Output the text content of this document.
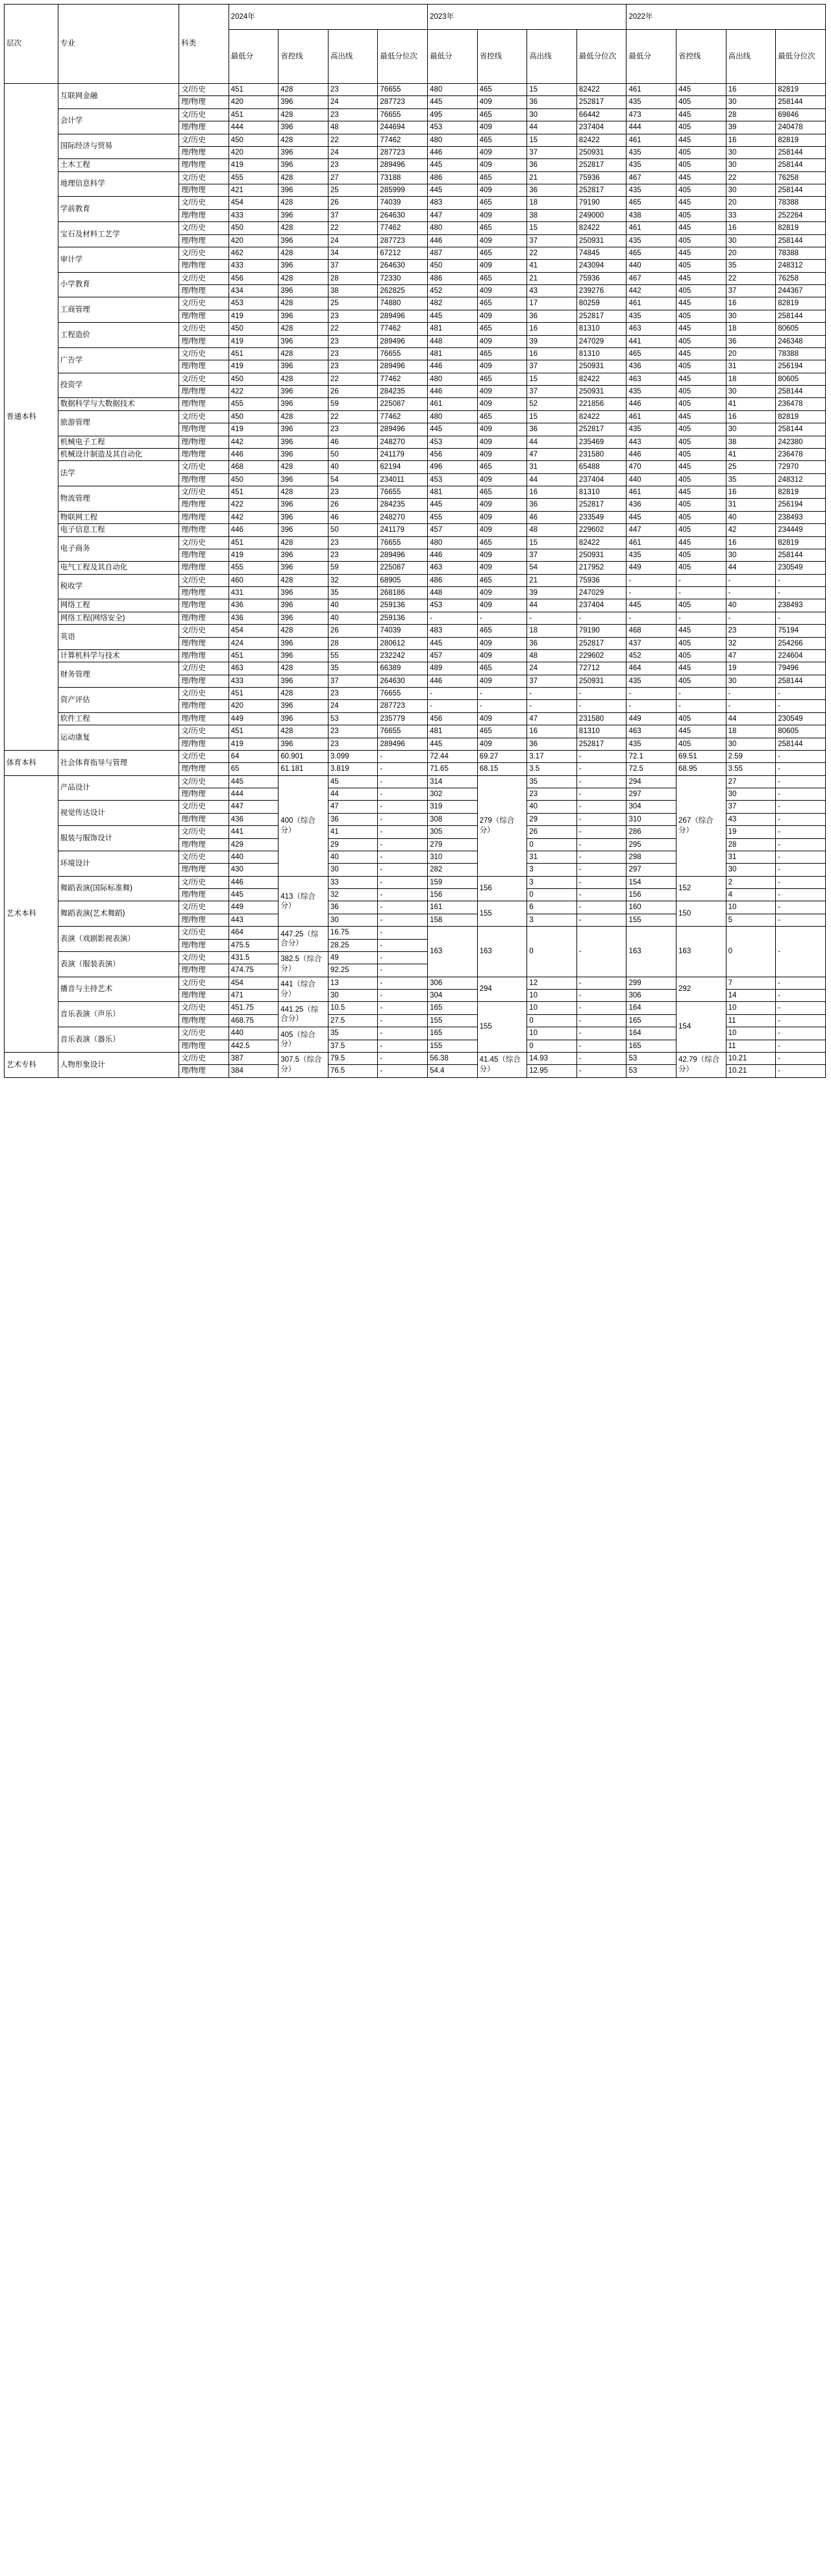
层次	专业	科类	2024年				2023年				2022年			
			最低分	省控线	高出线	最低分位次	最低分	省控线	高出线	最低分位次	最低分	省控线	高出线	最低分位次
普通本科	互联网金融	文/历史	451	428	23	76655	480	465	15	82422	461	445	16	82819
		理/物理	420	396	24	287723	445	409	36	252817	435	405	30	258144
	会计学	文/历史	451	428	23	76655	495	465	30	66442	473	445	28	69846
		理/物理	444	396	48	244694	453	409	44	237404	444	405	39	240478
	国际经济与贸易	文/历史	450	428	22	77462	480	465	15	82422	461	445	16	82819
		理/物理	420	396	24	287723	446	409	37	250931	435	405	30	258144
	土木工程	理/物理	419	396	23	289496	445	409	36	252817	435	405	30	258144
	地理信息科学	文/历史	455	428	27	73188	486	465	21	75936	467	445	22	76258
		理/物理	421	396	25	285999	445	409	36	252817	435	405	30	258144
	学前教育	文/历史	454	428	26	74039	483	465	18	79190	465	445	20	78388
		理/物理	433	396	37	264630	447	409	38	249000	438	405	33	252264
	宝石及材料工艺学	文/历史	450	428	22	77462	480	465	15	82422	461	445	16	82819
		理/物理	420	396	24	287723	446	409	37	250931	435	405	30	258144
	审计学	文/历史	462	428	34	67212	487	465	22	74845	465	445	20	78388
		理/物理	433	396	37	264630	450	409	41	243094	440	405	35	248312
	小学教育	文/历史	456	428	28	72330	486	465	21	75936	467	445	22	76258
		理/物理	434	396	38	262825	452	409	43	239276	442	405	37	244367
	工商管理	文/历史	453	428	25	74880	482	465	17	80259	461	445	16	82819
		理/物理	419	396	23	289496	445	409	36	252817	435	405	30	258144
	工程造价	文/历史	450	428	22	77462	481	465	16	81310	463	445	18	80605
		理/物理	419	396	23	289496	448	409	39	247029	441	405	36	246348
	广告学	文/历史	451	428	23	76655	481	465	16	81310	465	445	20	78388
		理/物理	419	396	23	289496	446	409	37	250931	436	405	31	256194
	投资学	文/历史	450	428	22	77462	480	465	15	82422	463	445	18	80605
		理/物理	422	396	26	284235	446	409	37	250931	435	405	30	258144
	数据科学与大数据技术	理/物理	455	396	59	225087	461	409	52	221856	446	405	41	236478
	旅游管理	文/历史	450	428	22	77462	480	465	15	82422	461	445	16	82819
		理/物理	419	396	23	289496	445	409	36	252817	435	405	30	258144
	机械电子工程	理/物理	442	396	46	248270	453	409	44	235469	443	405	38	242380
	机械设计制造及其自动化	理/物理	446	396	50	241179	456	409	47	231580	446	405	41	236478
	法学	文/历史	468	428	40	62194	496	465	31	65488	470	445	25	72970
		理/物理	450	396	54	234011	453	409	44	237404	440	405	35	248312
	物流管理	文/历史	451	428	23	76655	481	465	16	81310	461	445	16	82819
		理/物理	422	396	26	284235	445	409	36	252817	436	405	31	256194
	物联网工程	理/物理	442	396	46	248270	455	409	46	233549	445	405	40	238493
	电子信息工程	理/物理	446	396	50	241179	457	409	48	229602	447	405	42	234449
	电子商务	文/历史	451	428	23	76655	480	465	15	82422	461	445	16	82819
		理/物理	419	396	23	289496	446	409	37	250931	435	405	30	258144
	电气工程及其自动化	理/物理	455	396	59	225087	463	409	54	217952	449	405	44	230549
	税收学	文/历史	460	428	32	68905	486	465	21	75936	-	-	-	-
		理/物理	431	396	35	268186	448	409	39	247029	-	-	-	-
	网络工程	理/物理	436	396	40	259136	453	409	44	237404	445	405	40	238493
	网络工程(网络安全)	理/物理	436	396	40	259136	-	-	-	-	-	-	-	-
	英语	文/历史	454	428	26	74039	483	465	18	79190	468	445	23	75194
		理/物理	424	396	28	280612	445	409	36	252817	437	405	32	254266
	计算机科学与技术	理/物理	451	396	55	232242	457	409	48	229602	452	405	47	224604
	财务管理	文/历史	463	428	35	66389	489	465	24	72712	464	445	19	79496
		理/物理	433	396	37	264630	446	409	37	250931	435	405	30	258144
	资产评估	文/历史	451	428	23	76655	-	-	-	-	-	-	-	-
		理/物理	420	396	24	287723	-	-	-	-	-	-	-	-
	软件工程	理/物理	449	396	53	235779	456	409	47	231580	449	405	44	230549
	运动康复	文/历史	451	428	23	76655	481	465	16	81310	463	445	18	80605
		理/物理	419	396	23	289496	445	409	36	252817	435	405	30	258144
体育本科	社会体育指导与管理	文/历史	64	60.901	3.099	-	72.44	69.27	3.17	-	72.1	69.51	2.59	-
		理/物理	65	61.181	3.819	-	71.65	68.15	3.5	-	72.5	68.95	3.55	-
艺术本科	产品设计	文/历史	445	400（综合分）	45	-	314	279（综合分）	35	-	294	267（综合分）	27	-
		理/物理	444		44	-	302		23	-	297		30	-
	视觉传达设计	文/历史	447		47	-	319		40	-	304		37	-
		理/物理	436		36	-	308		29	-	310		43	-
	服装与服饰设计	文/历史	441		41	-	305		26	-	286		19	-
		理/物理	429		29	-	279		0	-	295		28	-
	环境设计	文/历史	440		40	-	310		31	-	298		31	-
		理/物理	430		30	-	282		3	-	297		30	-
	舞蹈表演(国际标准舞)	文/历史	446	413（综合分）	33	-	159	156	3	-	154	152	2	-
		理/物理	445		32	-	156		0	-	156		4	-
	舞蹈表演(艺术舞蹈)	文/历史	449		36	-	161	155	6	-	160	150	10	-
		理/物理	443		30	-	158		3	-	155		5	-
	表演（戏剧影视表演）	文/历史	464	447.25（综合分）	16.75	-	163	163	0	-	163	163	0	-
		理/物理	475.5		28.25	-								
	表演（服装表演）	文/历史	431.5	382.5（综合分）	49	-								
		理/物理	474.75		92.25	-								
	播音与主持艺术	文/历史	454	441（综合分）	13	-	306	294	12	-	299	292	7	-
		理/物理	471		30	-	304		10	-	306		14	-
	音乐表演（声乐）	文/历史	451.75	441.25（综合分）	10.5	-	165	155	10	-	164	154	10	-
		理/物理	468.75		27.5	-	155		0	-	165		11	-
	音乐表演（器乐）	文/历史	440	405（综合分）	35	-	165		10	-	164		10	-
		理/物理	442.5		37.5	-	155		0	-	165		11	-
艺术专科	人物形象设计	文/历史	387	307.5（综合分）	79.5	-	56.38	41.45（综合分）	14.93	-	53	42.79（综合分）	10.21	-
		理/物理	384		76.5	-	54.4		12.95	-	53		10.21	-
